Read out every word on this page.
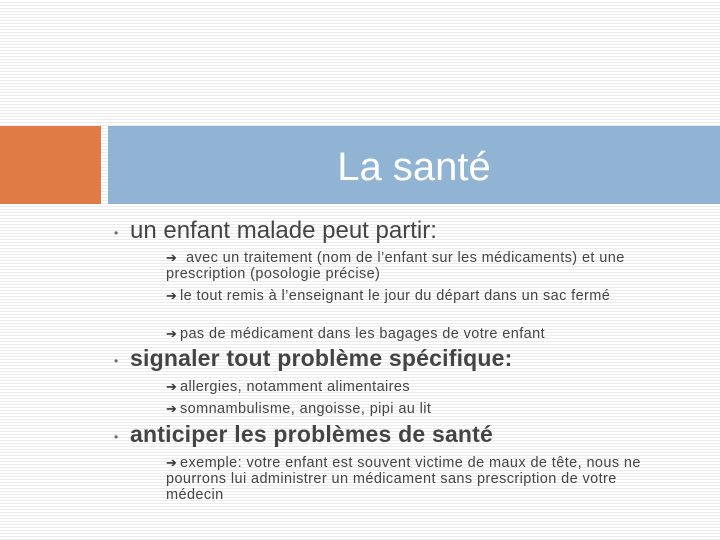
La santé
• un enfant malade peut partir:
➔ avec un traitement (nom de l’enfant sur les médicaments) et une prescription (posologie précise)
➔ le tout remis à l’enseignant le jour du départ dans un sac fermé
➔ pas de médicament dans les bagages de votre enfant
• signaler tout problème spécifique:
➔ allergies, notamment alimentaires
➔ somnambulisme, angoisse, pipi au lit
• anticiper les problèmes de santé
➔ exemple: votre enfant est souvent victime de maux de tête, nous ne pourrons lui administrer un médicament sans prescription de votre médecin
